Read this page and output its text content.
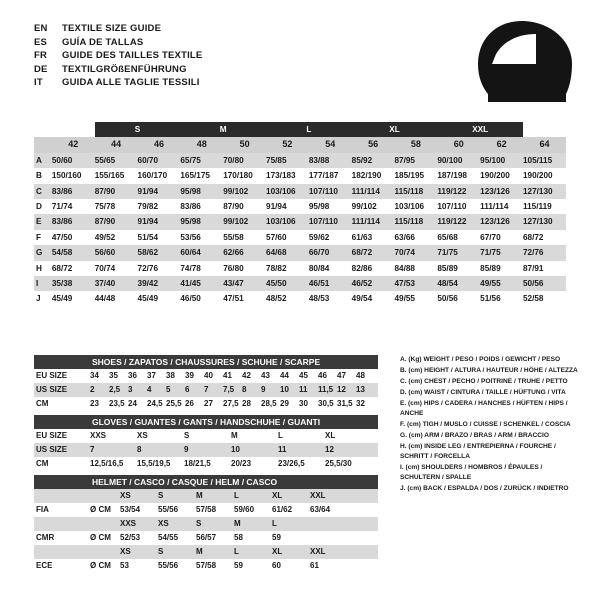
EN	TEXTILE SIZE GUIDE
ES	GUÍA DE TALLAS
FR	GUIDE DES TAILLES TEXTILE
DE	TEXTILGRÖßENFÜHRUNG
IT	GUIDA ALLE TAGLIE TESSILI
		S		M		L		XL		XXL		
	42	44	46	48	50	52	54	56	58	60	62	64
A	50/60	55/65	60/70	65/75	70/80	75/85	83/88	85/92	87/95	90/100	95/100	105/115
B	150/160	155/165	160/170	165/175	170/180	173/183	177/187	182/190	185/195	187/198	190/200	190/200
C	83/86	87/90	91/94	95/98	99/102	103/106	107/110	111/114	115/118	119/122	123/126	127/130
D	71/74	75/78	79/82	83/86	87/90	91/94	95/98	99/102	103/106	107/110	111/114	115/119
E	83/86	87/90	91/94	95/98	99/102	103/106	107/110	111/114	115/118	119/122	123/126	127/130
F	47/50	49/52	51/54	53/56	55/58	57/60	59/62	61/63	63/66	65/68	67/70	68/72
G	54/58	56/60	58/62	60/64	62/66	64/68	66/70	68/72	70/74	71/75	71/75	72/76
H	68/72	70/74	72/76	74/78	76/80	78/82	80/84	82/86	84/88	85/89	85/89	87/91
I	35/38	37/40	39/42	41/45	43/47	45/50	46/51	46/52	47/53	48/54	49/55	50/56
J	45/49	44/48	45/49	46/50	47/51	48/52	48/53	49/54	49/55	50/56	51/56	52/58
SHOES / ZAPATOS / CHAUSSURES / SCHUHE / SCARPE	
EU SIZE	34	35	36	37	38	39	40	41	42	43	44	45	46	47	48

US SIZE	2	2,5 3	4	5	6	7	7,5 8	9	10	11	11,5 12	13

CM	23	23,5 24	24,5 25,5 26	27	27,5 28	28,5 29	30	30,5 31,5 32
GLOVES / GUANTES / GANTS / HANDSCHUHE / GUANTI	
EU SIZE	XXS	XS	S	M	L	XL

US SIZE	7	8	9	10	11	12

CM	12,5/16,5	15,5/19,5	18/21,5	20/23	23/26,5	25,5/30
HELMET / CASCO / CASQUE / HELM / CASCO		

XS	S	M	L	XL	XXL

FIA	Ø CM	53/54	55/56	57/58	59/60	61/62	63/64

		XXS XS S M L

CMR	Ø CM	52/53 54/55 56/57 58 59

XS	S	M	L	XL	XXL

ECE	Ø CM	53	55/56	57/58	59	60	61
A. (Kg) WEIGHT / PESO / POIDS / GEWICHT / PESO
B. (cm) HEIGHT / ALTURA / HAUTEUR / HÖHE / ALTEZZA
C. (cm) CHEST / PECHO / POITRINE / TRUHE / PETTO
D. (cm) WAIST / CINTURA / TAILLE / HÜFTUNG / VITA
E. (cm) HIPS / CADERA / HANCHES / HÜFTEN / HIPS / ANCHE
F. (cm) TIGH / MUSLO / CUISSE / SCHENKEL / COSCIA
G. (cm) ARM / BRAZO / BRAS / ARM / BRACCIO
H. (cm) INSIDE LEG / ENTREPIERNA / FOURCHE / SCHRITT / FORCELLA
I. (cm) SHOULDERS / HOMBROS / ÉPAULES / SCHULTERN / SPALLE
J. (cm) BACK / ESPALDA / DOS / ZURÜCK / INDIETRO
